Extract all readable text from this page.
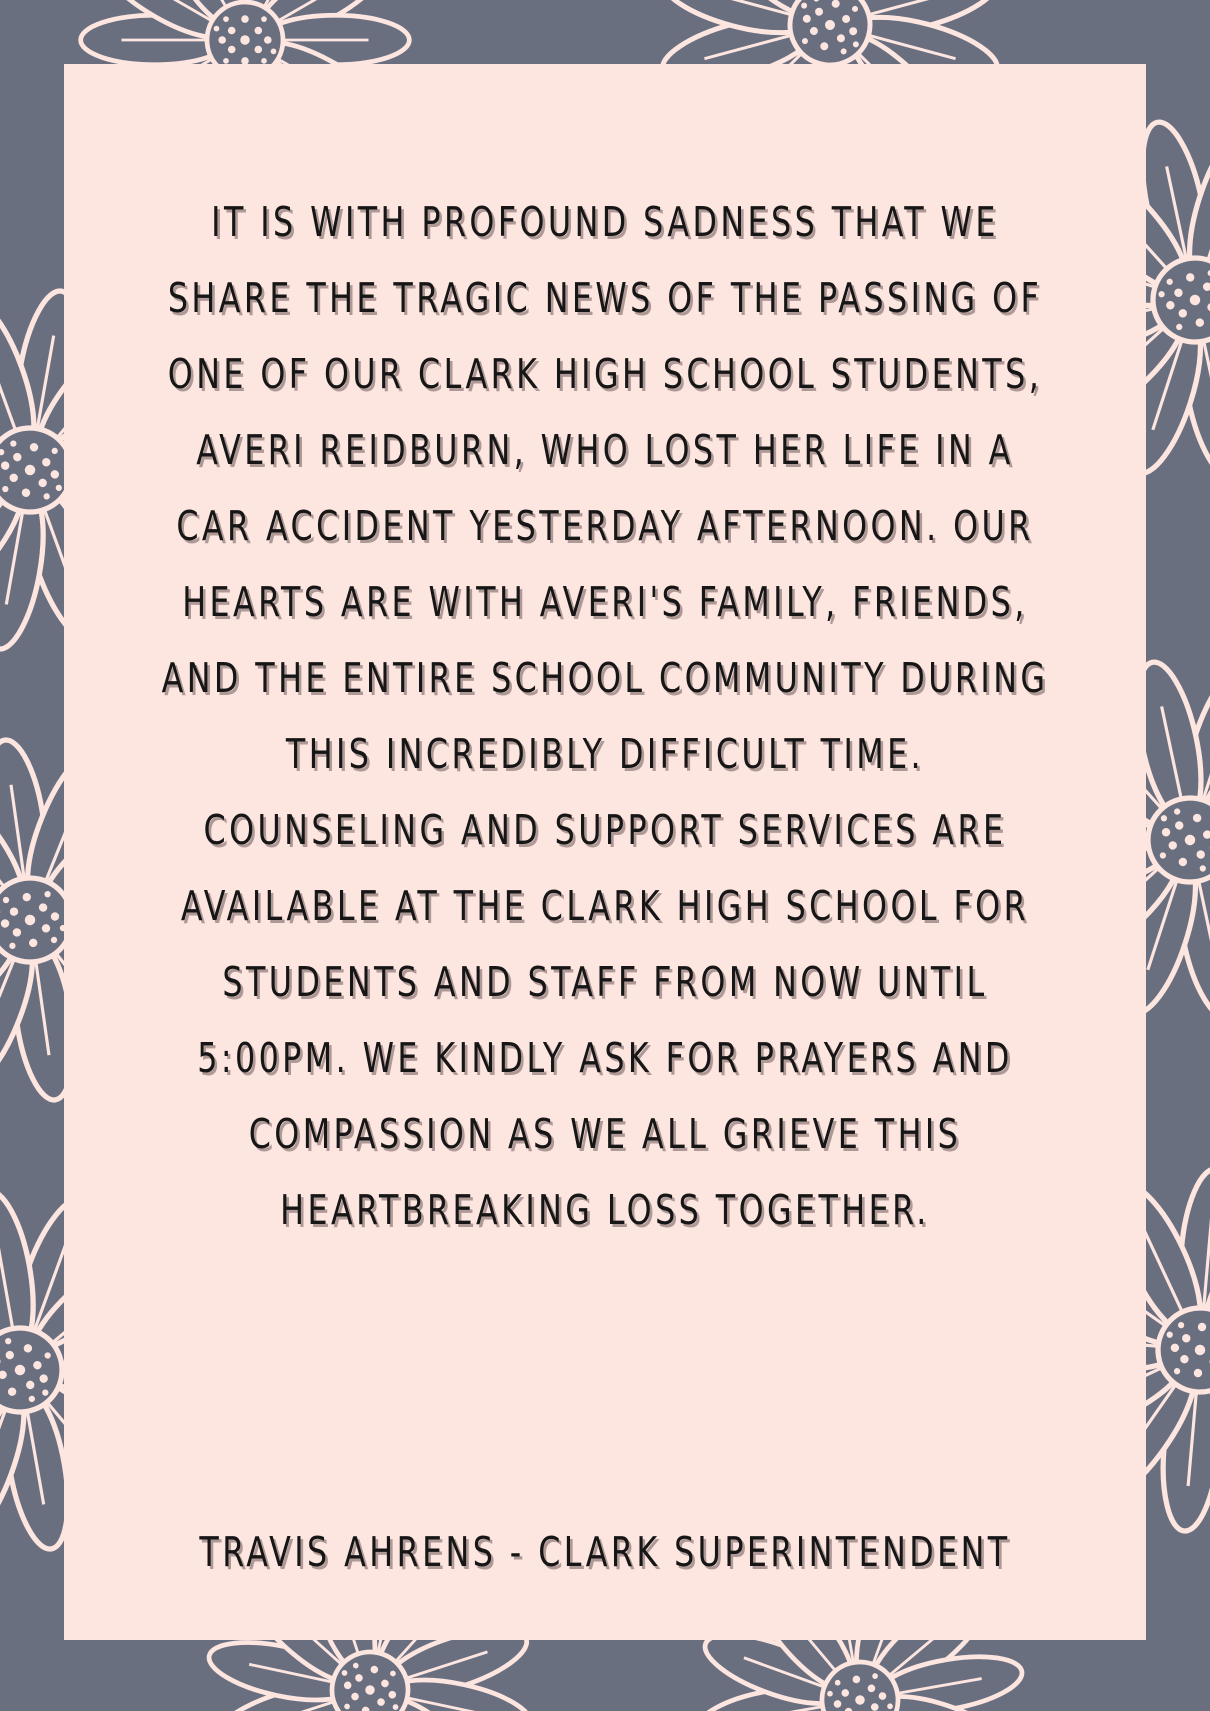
IT IS WITH PROFOUND SADNESS THAT WE
SHARE THE TRAGIC NEWS OF THE PASSING OF
ONE OF OUR CLARK HIGH SCHOOL STUDENTS,
AVERI REIDBURN, WHO LOST HER LIFE IN A
CAR ACCIDENT YESTERDAY AFTERNOON. OUR
HEARTS ARE WITH AVERI'S FAMILY, FRIENDS,
AND THE ENTIRE SCHOOL COMMUNITY DURING
THIS INCREDIBLY DIFFICULT TIME.
COUNSELING AND SUPPORT SERVICES ARE
AVAILABLE AT THE CLARK HIGH SCHOOL FOR
STUDENTS AND STAFF FROM NOW UNTIL
5:00PM. WE KINDLY ASK FOR PRAYERS AND
COMPASSION AS WE ALL GRIEVE THIS
HEARTBREAKING LOSS TOGETHER.
TRAVIS AHRENS - CLARK SUPERINTENDENT
